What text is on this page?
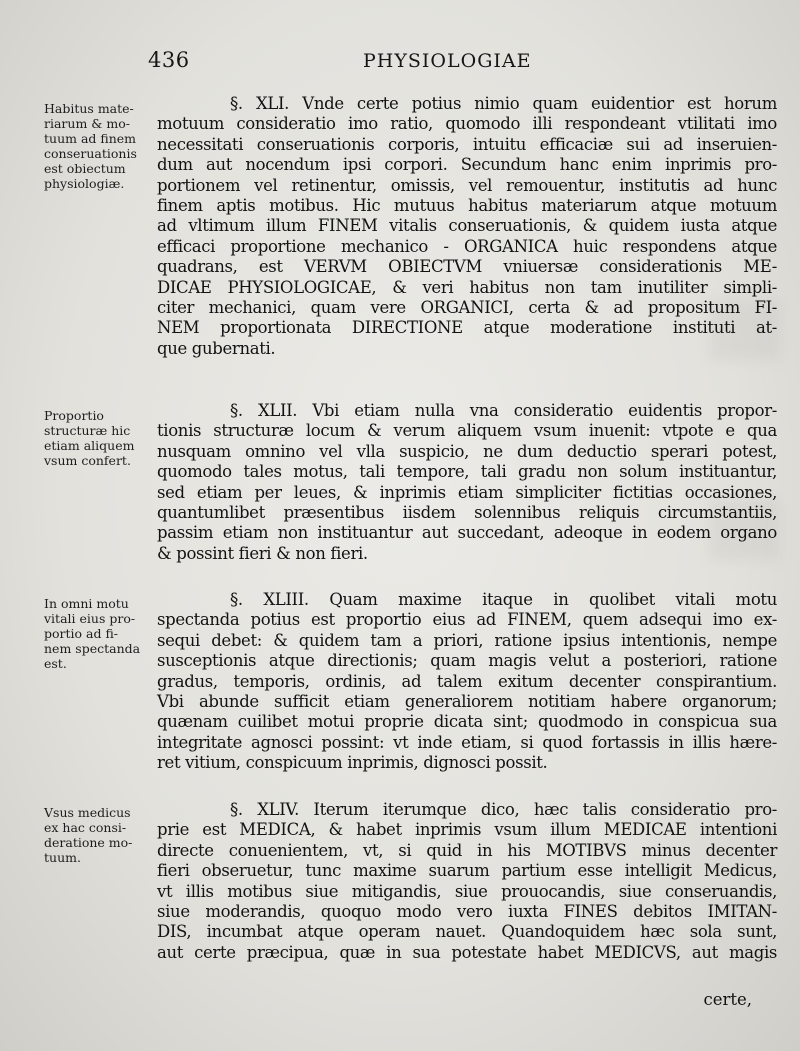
436	PHYSIOLOGIAE
Habitus mate-
riarum & mo-
tuum ad finem
conseruationis
est obiectum
physiologiæ.
Proportio
structuræ hic
etiam aliquem
vsum confert.
In omni motu
vitali eius pro-
portio ad fi-
nem spectanda
est.
Vsus medicus
ex hac consi-
deratione mo-
tuum.
§. XLI. Vnde certe potius nimio quam euidentior est horum
motuum consideratio imo ratio, quomodo illi respondeant vtilitati imo
necessitati conseruationis corporis, intuitu efficaciæ sui ad inseruien-
dum aut nocendum ipsi corpori. Secundum hanc enim inprimis pro-
portionem vel retinentur, omissis, vel remouentur, institutis ad hunc
finem aptis motibus. Hic mutuus habitus materiarum atque motuum
ad vltimum illum FINEM vitalis conseruationis, & quidem iusta atque
efficaci proportione mechanico - ORGANICA huic respondens atque
quadrans, est VERVM OBIECTVM vniuersæ considerationis ME-
DICAE PHYSIOLOGICAE, & veri habitus non tam inutiliter simpli-
citer mechanici, quam vere ORGANICI, certa & ad propositum FI-
NEM proportionata DIRECTIONE atque moderatione instituti at-
que gubernati.
§. XLII. Vbi etiam nulla vna consideratio euidentis propor-
tionis structuræ locum & verum aliquem vsum inuenit: vtpote e qua
nusquam omnino vel vlla suspicio, ne dum deductio sperari potest,
quomodo tales motus, tali tempore, tali gradu non solum instituantur,
sed etiam per leues, & inprimis etiam simpliciter fictitias occasiones,
quantumlibet præsentibus iisdem solennibus reliquis circumstantiis,
passim etiam non instituantur aut succedant, adeoque in eodem organo
& possint fieri & non fieri.
§. XLIII. Quam maxime itaque in quolibet vitali motu
spectanda potius est proportio eius ad FINEM, quem adsequi imo ex-
sequi debet: & quidem tam a priori, ratione ipsius intentionis, nempe
susceptionis atque directionis; quam magis velut a posteriori, ratione
gradus, temporis, ordinis, ad talem exitum decenter conspirantium.
Vbi abunde sufficit etiam generaliorem notitiam habere organorum;
quænam cuilibet motui proprie dicata sint; quodmodo in conspicua sua
integritate agnosci possint: vt inde etiam, si quod fortassis in illis hære-
ret vitium, conspicuum inprimis, dignosci possit.
§. XLIV. Iterum iterumque dico, hæc talis consideratio pro-
prie est MEDICA, & habet inprimis vsum illum MEDICAE intentioni
directe conuenientem, vt, si quid in his MOTIBVS minus decenter
fieri obseruetur, tunc maxime suarum partium esse intelligit Medicus,
vt illis motibus siue mitigandis, siue prouocandis, siue conseruandis,
siue moderandis, quoquo modo vero iuxta FINES debitos IMITAN-
DIS, incumbat atque operam nauet. Quandoquidem hæc sola sunt,
aut certe præcipua, quæ in sua potestate habet MEDICVS, aut magis
certe,
